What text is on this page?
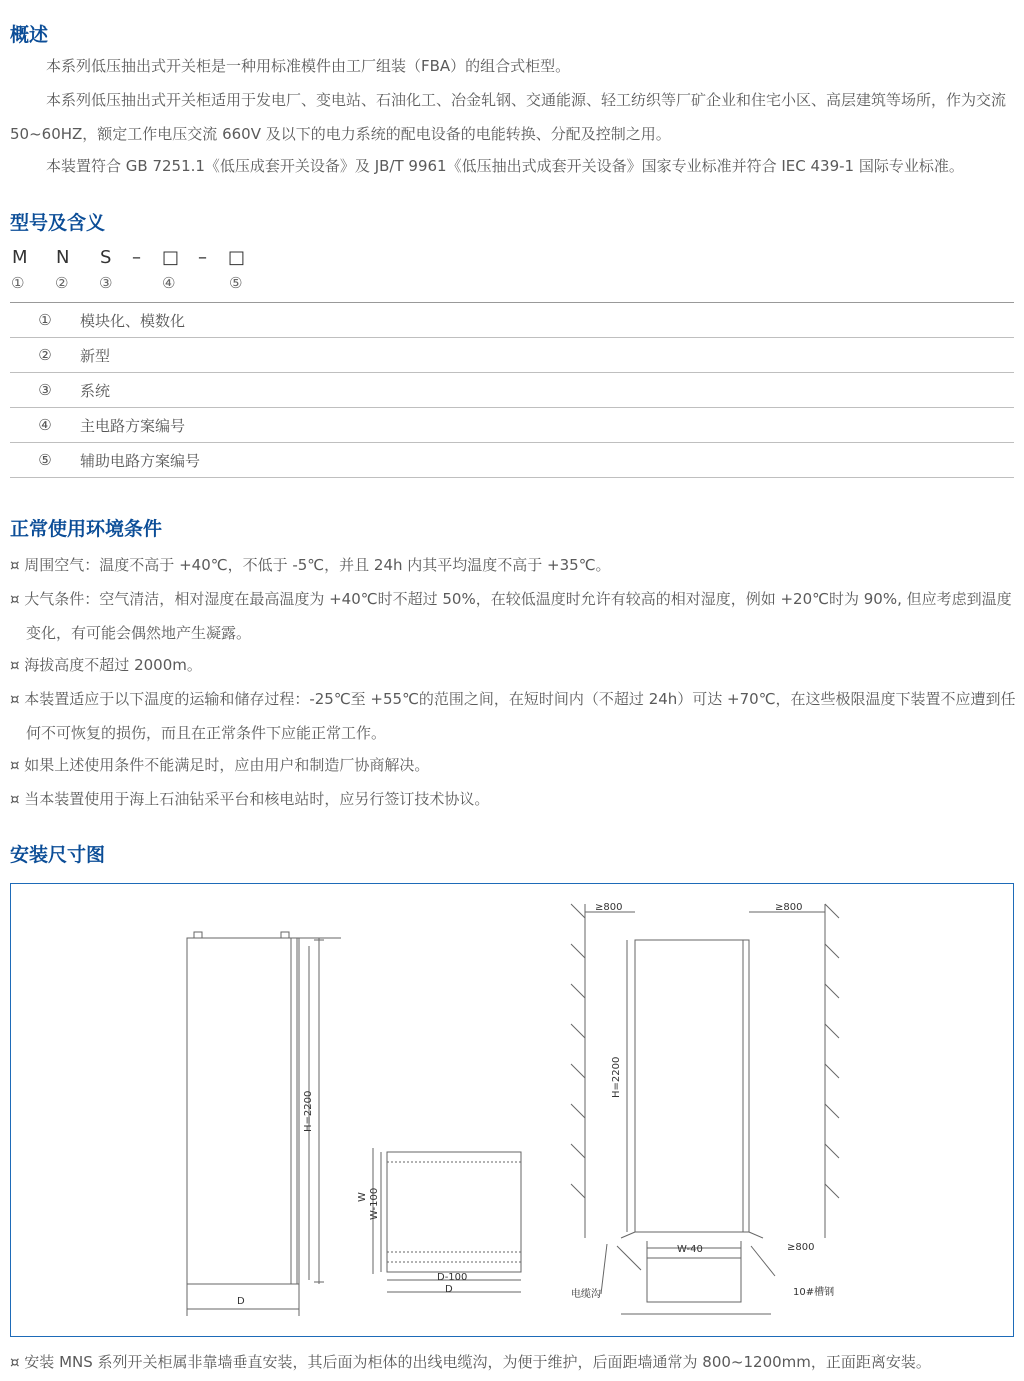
概述

本系列低压抽出式开关柜是一种用标准模件由工厂组装（FBA）的组合式柜型。

本系列低压抽出式开关柜适用于发电厂、变电站、石油化工、冶金轧钢、交通能源、轻工纺织等厂矿企业和住宅小区、高层建筑等场所，作为交流 50~60HZ，额定工作电压交流 660V 及以下的电力系统的配电设备的电能转换、分配及控制之用。

本装置符合 GB 7251.1《低压成套开关设备》及 JB/T 9961《低压抽出式成套开关设备》国家专业标准并符合 IEC 439-1 国际专业标准。

型号及含义
M N S – □ – □
① ② ③	④	⑤
①	模块化、模数化
②	新型
③	系统
④	主电路方案编号
⑤	辅助电路方案编号
正常使用环境条件

¤ 周围空气：温度不高于 +40℃，不低于 -5℃，并且 24h 内其平均温度不高于 +35℃。

¤ 大气条件：空气清洁，相对湿度在最高温度为 +40℃时不超过 50%，在较低温度时允许有较高的相对湿度，例如 +20℃时为 90%, 但应考虑到温度变化，有可能会偶然地产生凝露。

¤ 海拔高度不超过 2000m。

¤ 本装置适应于以下温度的运输和储存过程：-25℃至 +55℃的范围之间，在短时间内（不超过 24h）可达 +70℃，在这些极限温度下装置不应遭到任何不可恢复的损伤，而且在正常条件下应能正常工作。

¤ 如果上述使用条件不能满足时，应由用户和制造厂协商解决。

¤ 当本装置使用于海上石油钻采平台和核电站时，应另行签订技术协议。

安装尺寸图
H=2200
D
W-100
W
D-100
D
≥800	≥800
H=2200
W-40	≥800
电缆沟	10#槽钢

¤ 安装 MNS 系列开关柜属非靠墙垂直安装，其后面为柜体的出线电缆沟，为便于维护，后面距墙通常为 800~1200mm，正面距离安装。
